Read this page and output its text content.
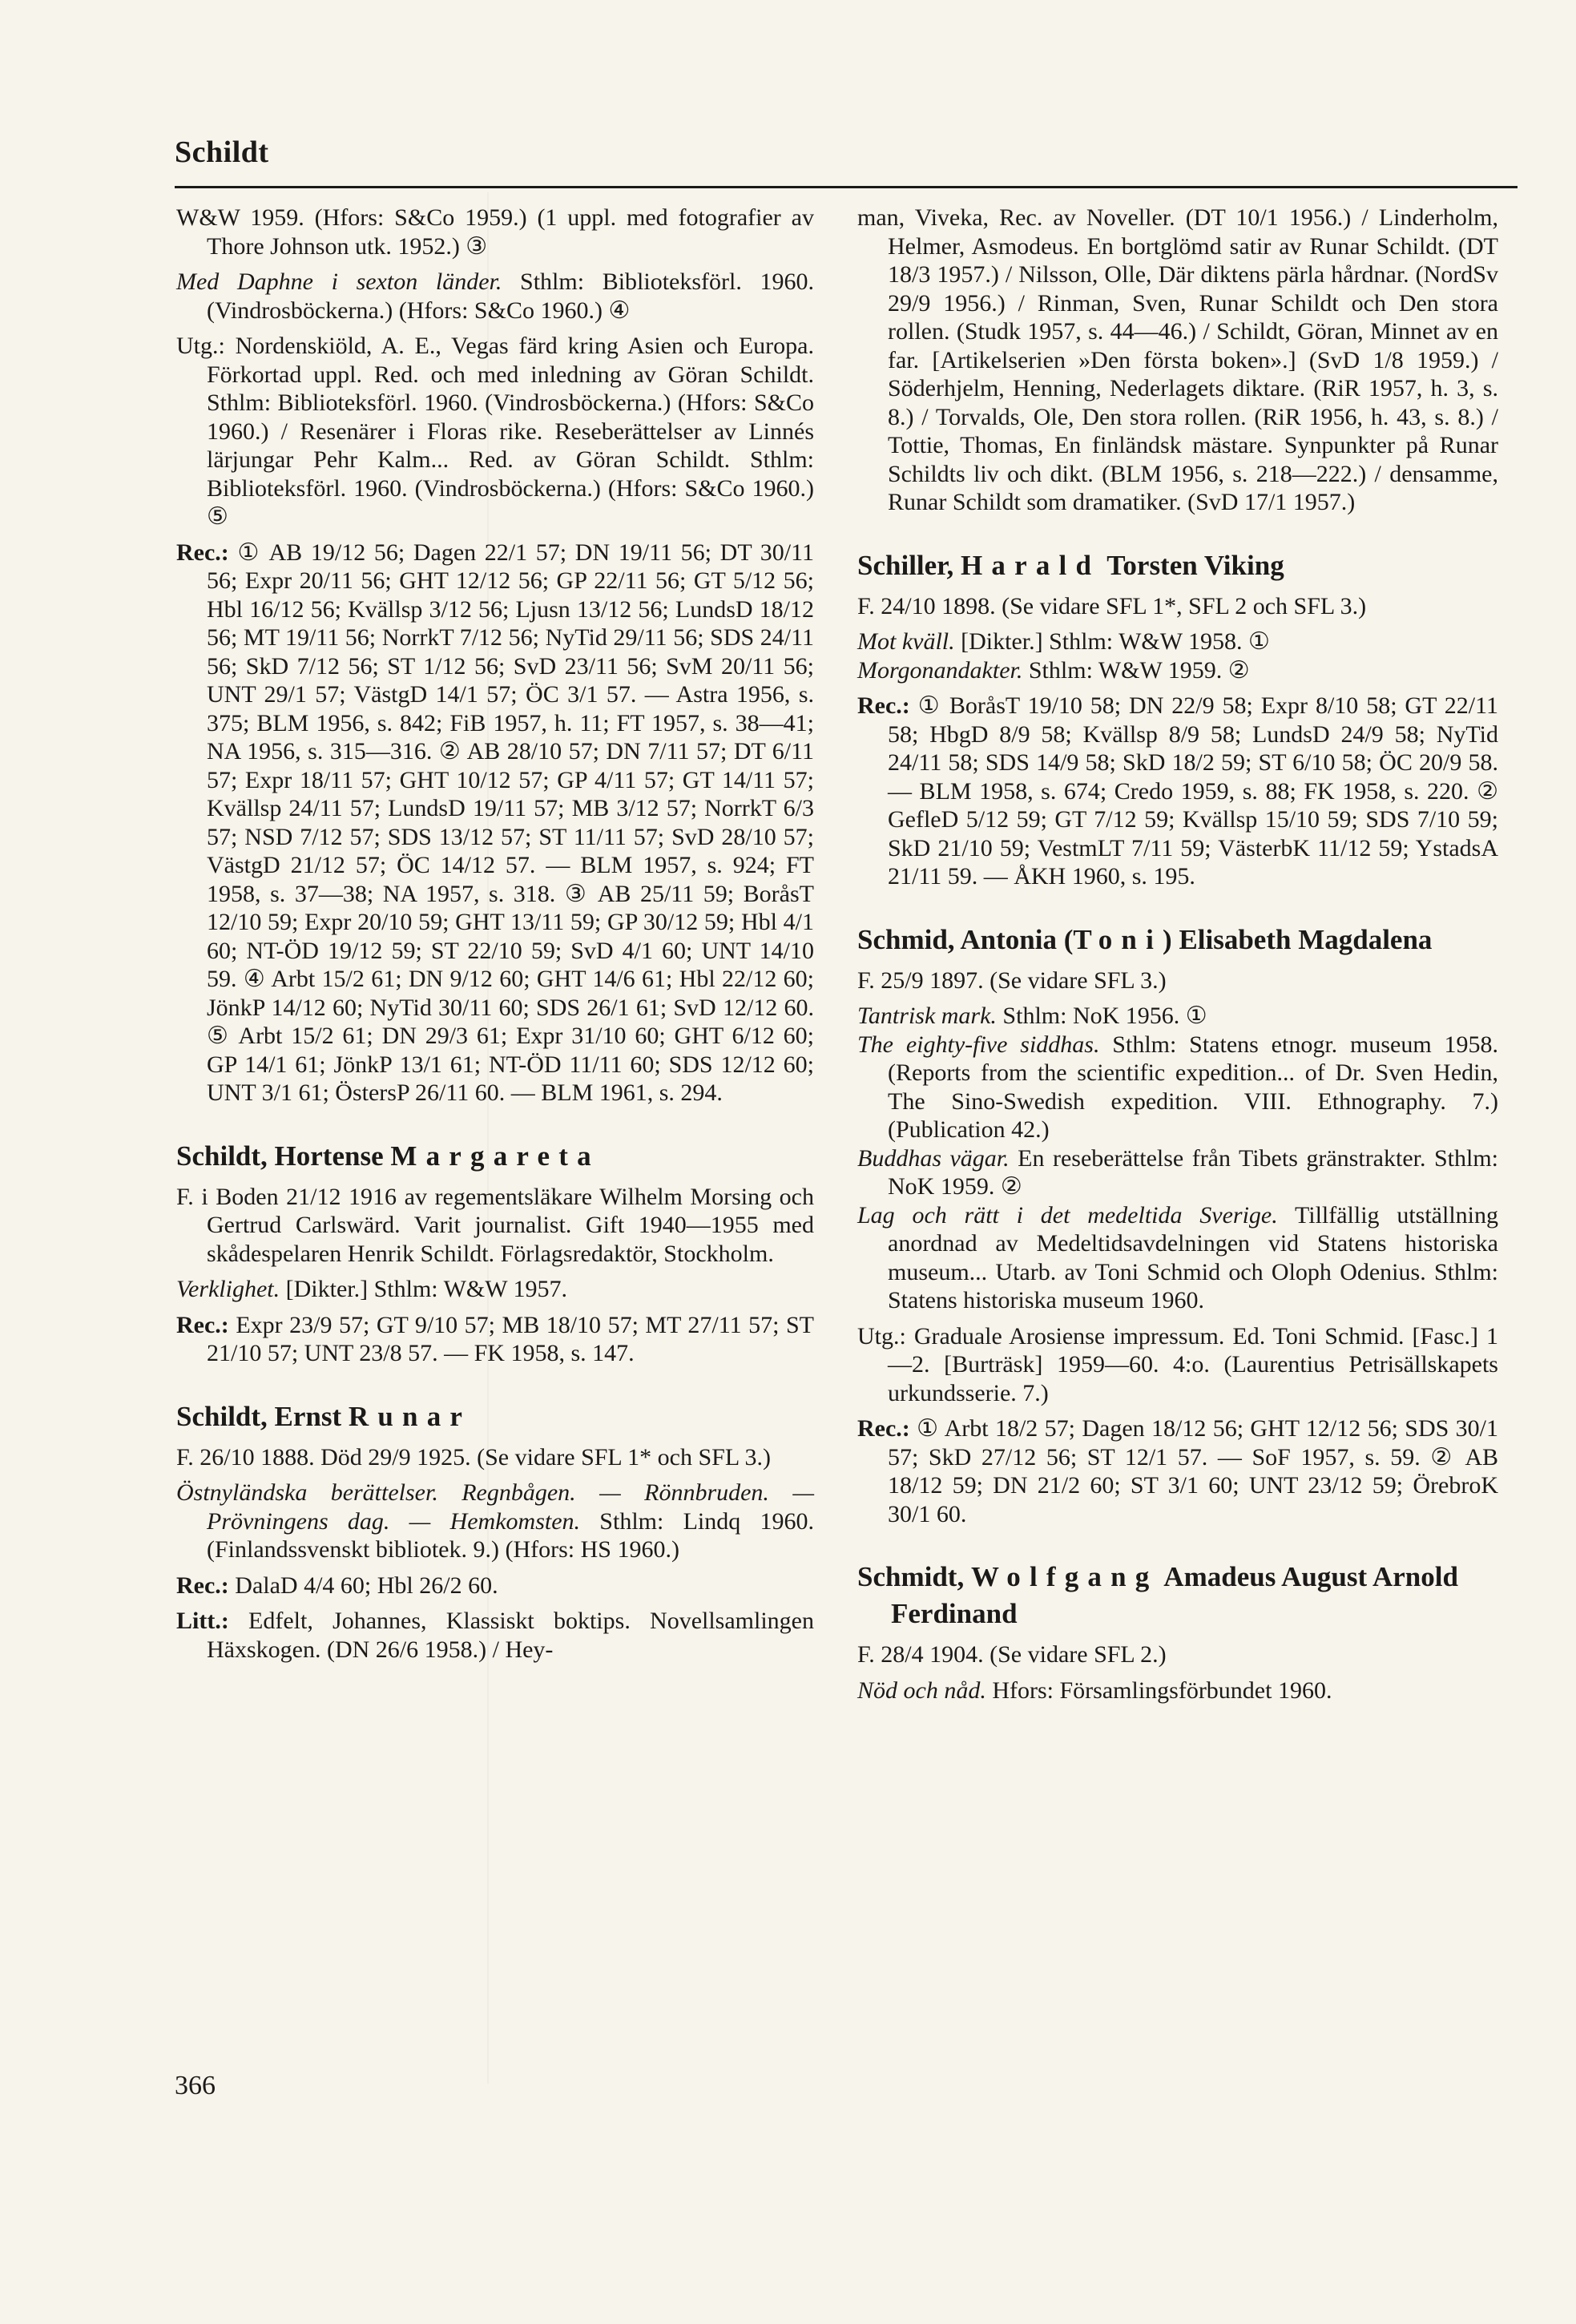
Schildt

W&W 1959. (Hfors: S&Co 1959.) (1 uppl. med fotografier av Thore Johnson utk. 1952.) ③

Med Daphne i sexton länder. Sthlm: Biblioteksförl. 1960. (Vindrosböckerna.) (Hfors: S&Co 1960.) ④

Utg.: Nordenskiöld, A. E., Vegas färd kring Asien och Europa. Förkortad uppl. Red. och med inledning av Göran Schildt. Sthlm: Biblioteksförl. 1960. (Vindrosböckerna.) (Hfors: S&Co 1960.) / Resenärer i Floras rike. Reseberättelser av Linnés lärjungar Pehr Kalm... Red. av Göran Schildt. Sthlm: Biblioteksförl. 1960. (Vindrosböckerna.) (Hfors: S&Co 1960.) ⑤

Rec.: ① AB 19/12 56; Dagen 22/1 57; DN 19/11 56; DT 30/11 56; Expr 20/11 56; GHT 12/12 56; GP 22/11 56; GT 5/12 56; Hbl 16/12 56; Kvällsp 3/12 56; Ljusn 13/12 56; LundsD 18/12 56; MT 19/11 56; NorrkT 7/12 56; NyTid 29/11 56; SDS 24/11 56; SkD 7/12 56; ST 1/12 56; SvD 23/11 56; SvM 20/11 56; UNT 29/1 57; VästgD 14/1 57; ÖC 3/1 57. — Astra 1956, s. 375; BLM 1956, s. 842; FiB 1957, h. 11; FT 1957, s. 38—41; NA 1956, s. 315—316. ② AB 28/10 57; DN 7/11 57; DT 6/11 57; Expr 18/11 57; GHT 10/12 57; GP 4/11 57; GT 14/11 57; Kvällsp 24/11 57; LundsD 19/11 57; MB 3/12 57; NorrkT 6/3 57; NSD 7/12 57; SDS 13/12 57; ST 11/11 57; SvD 28/10 57; VästgD 21/12 57; ÖC 14/12 57. — BLM 1957, s. 924; FT 1958, s. 37—38; NA 1957, s. 318. ③ AB 25/11 59; BoråsT 12/10 59; Expr 20/10 59; GHT 13/11 59; GP 30/12 59; Hbl 4/1 60; NT-ÖD 19/12 59; ST 22/10 59; SvD 4/1 60; UNT 14/10 59. ④ Arbt 15/2 61; DN 9/12 60; GHT 14/6 61; Hbl 22/12 60; JönkP 14/12 60; NyTid 30/11 60; SDS 26/1 61; SvD 12/12 60. ⑤ Arbt 15/2 61; DN 29/3 61; Expr 31/10 60; GHT 6/12 60; GP 14/1 61; JönkP 13/1 61; NT-ÖD 11/11 60; SDS 12/12 60; UNT 3/1 61; ÖstersP 26/11 60. — BLM 1961, s. 294.

Schildt, Hortense Margareta

F. i Boden 21/12 1916 av regementsläkare Wilhelm Morsing och Gertrud Carlswärd. Varit journalist. Gift 1940—1955 med skådespelaren Henrik Schildt. Förlagsredaktör, Stockholm.

Verklighet. [Dikter.] Sthlm: W&W 1957.

Rec.: Expr 23/9 57; GT 9/10 57; MB 18/10 57; MT 27/11 57; ST 21/10 57; UNT 23/8 57. — FK 1958, s. 147.

Schildt, Ernst Runar

F. 26/10 1888. Död 29/9 1925. (Se vidare SFL 1* och SFL 3.)

Östnyländska berättelser. Regnbågen. — Rönnbruden. — Prövningens dag. — Hemkomsten. Sthlm: Lindq 1960. (Finlandssvenskt bibliotek. 9.) (Hfors: HS 1960.)

Rec.: DalaD 4/4 60; Hbl 26/2 60.

Litt.: Edfelt, Johannes, Klassiskt boktips. Novellsamlingen Häxskogen. (DN 26/6 1958.) / Hey-

man, Viveka, Rec. av Noveller. (DT 10/1 1956.) / Linderholm, Helmer, Asmodeus. En bortglömd satir av Runar Schildt. (DT 18/3 1957.) / Nilsson, Olle, Där diktens pärla hårdnar. (NordSv 29/9 1956.) / Rinman, Sven, Runar Schildt och Den stora rollen. (Studk 1957, s. 44—46.) / Schildt, Göran, Minnet av en far. [Artikelserien »Den första boken».] (SvD 1/8 1959.) / Söderhjelm, Henning, Nederlagets diktare. (RiR 1957, h. 3, s. 8.) / Torvalds, Ole, Den stora rollen. (RiR 1956, h. 43, s. 8.) / Tottie, Thomas, En finländsk mästare. Synpunkter på Runar Schildts liv och dikt. (BLM 1956, s. 218—222.) / densamme, Runar Schildt som dramatiker. (SvD 17/1 1957.)

Schiller, Harald Torsten Viking

F. 24/10 1898. (Se vidare SFL 1*, SFL 2 och SFL 3.)

Mot kväll. [Dikter.] Sthlm: W&W 1958. ①

Morgonandakter. Sthlm: W&W 1959. ②

Rec.: ① BoråsT 19/10 58; DN 22/9 58; Expr 8/10 58; GT 22/11 58; HbgD 8/9 58; Kvällsp 8/9 58; LundsD 24/9 58; NyTid 24/11 58; SDS 14/9 58; SkD 18/2 59; ST 6/10 58; ÖC 20/9 58. — BLM 1958, s. 674; Credo 1959, s. 88; FK 1958, s. 220. ② GefleD 5/12 59; GT 7/12 59; Kvällsp 15/10 59; SDS 7/10 59; SkD 21/10 59; VestmLT 7/11 59; VästerbK 11/12 59; YstadsA 21/11 59. — ÅKH 1960, s. 195.

Schmid, Antonia (Toni) Elisabeth Magdalena

F. 25/9 1897. (Se vidare SFL 3.)

Tantrisk mark. Sthlm: NoK 1956. ①

The eighty-five siddhas. Sthlm: Statens etnogr. museum 1958. (Reports from the scientific expedition... of Dr. Sven Hedin, The Sino-Swedish expedition. VIII. Ethnography. 7.) (Publication 42.)

Buddhas vägar. En reseberättelse från Tibets gränstrakter. Sthlm: NoK 1959. ②

Lag och rätt i det medeltida Sverige. Tillfällig utställning anordnad av Medeltidsavdelningen vid Statens historiska museum... Utarb. av Toni Schmid och Oloph Odenius. Sthlm: Statens historiska museum 1960.

Utg.: Graduale Arosiense impressum. Ed. Toni Schmid. [Fasc.] 1—2. [Burträsk] 1959—60. 4:o. (Laurentius Petrisällskapets urkundsserie. 7.)

Rec.: ① Arbt 18/2 57; Dagen 18/12 56; GHT 12/12 56; SDS 30/1 57; SkD 27/12 56; ST 12/1 57. — SoF 1957, s. 59. ② AB 18/12 59; DN 21/2 60; ST 3/1 60; UNT 23/12 59; ÖrebroK 30/1 60.

Schmidt, Wolfgang Amadeus August Arnold Ferdinand

F. 28/4 1904. (Se vidare SFL 2.)

Nöd och nåd. Hfors: Församlingsförbundet 1960.

366
